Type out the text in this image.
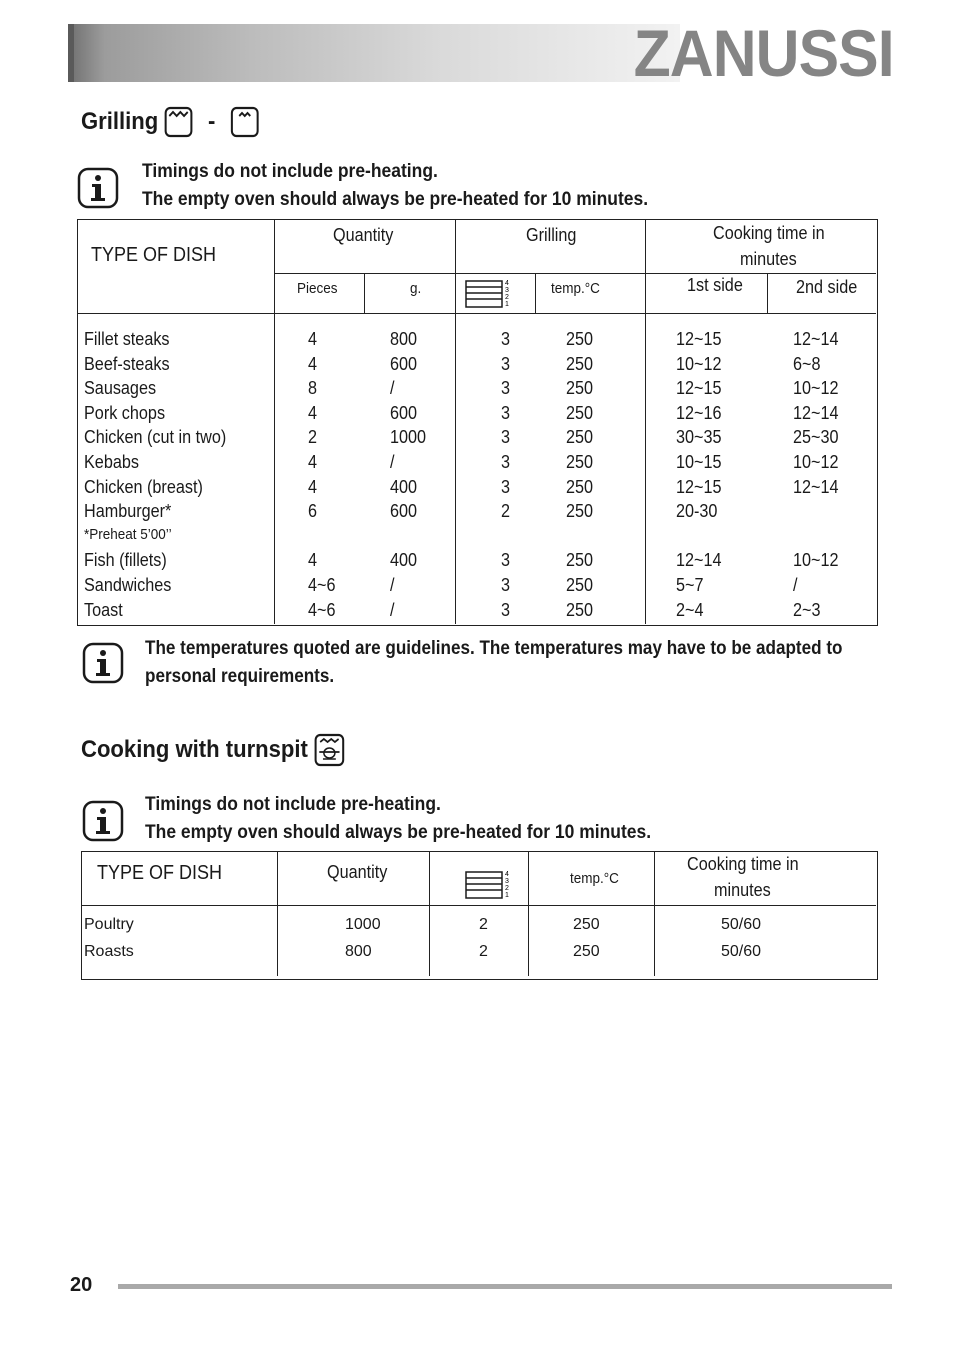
ZANUSSI
Grilling -
Timings do not include pre-heating.
The empty oven should always be pre-heated for 10 minutes.
TYPE OF DISH
Quantity	Grilling	Cooking time in
minutes
Pieces	g.	temp.°C	1st side	2nd side
4
3
2
1
Fillet steaks	4	800	3	250	12~15	12~14
Beef-steaks	4	600	3	250	10~12	6~8
Sausages	8	/	3	250	12~15	10~12
Pork chops	4	600	3	250	12~16	12~14
Chicken (cut in two)	2	1000	3	250	30~35	25~30
Kebabs	4	/	3	250	10~15	10~12
Chicken (breast)	4	400	3	250	12~15	12~14
Hamburger*	6	600	2	250	20-30
*Preheat 5’00’’
Fish (fillets)	4	400	3	250	12~14	10~12
Sandwiches	4~6	/	3	250	5~7	/
Toast	4~6	/	3	250	2~4	2~3
The temperatures quoted are guidelines. The temperatures may have to be adapted to
personal requirements.
Cooking with turnspit
Timings do not include pre-heating.
The empty oven should always be pre-heated for 10 minutes.
TYPE OF DISH	Quantity	temp.°C
Cooking time in
minutes
4
3
2
1
Poultry	1000	2	250	50/60
Roasts	800	2	250	50/60
20
